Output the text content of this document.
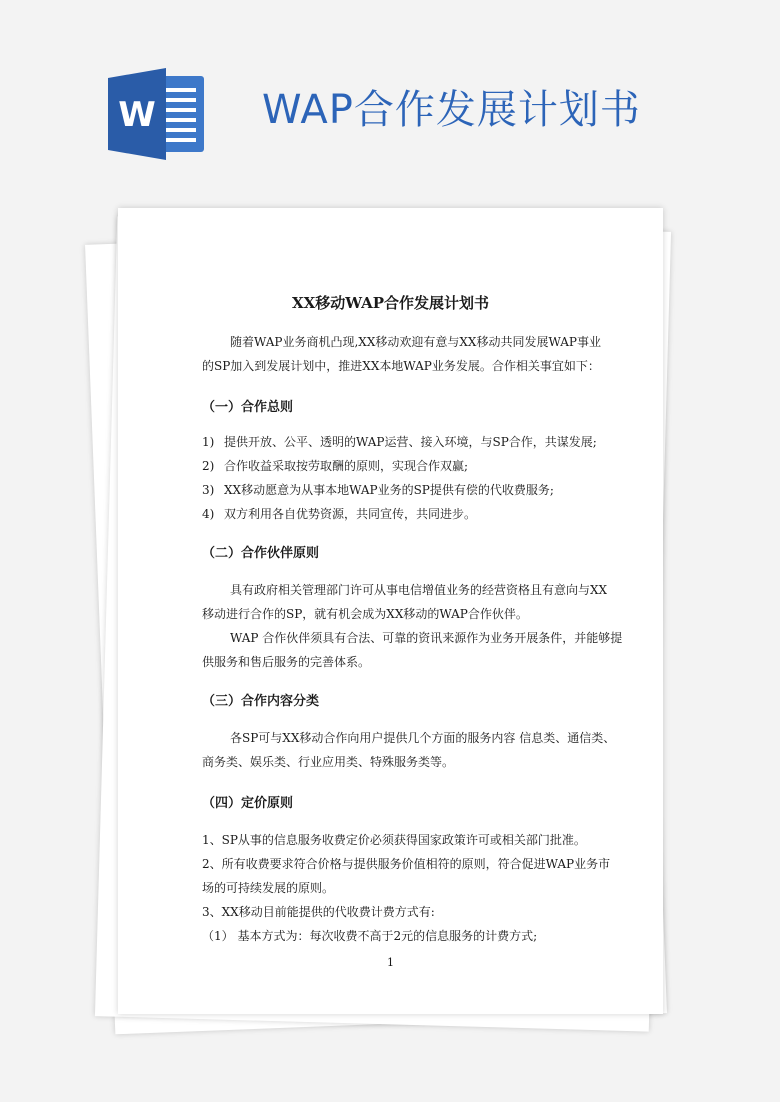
W	WAP合作发展计划书
XX移动WAP合作发展计划书
随着WAP业务商机凸现,XX移动欢迎有意与XX移动共同发展WAP事业
的SP加入到发展计划中，推进XX本地WAP业务发展。合作相关事宜如下：
（一）合作总则
1) 提供开放、公平、透明的WAP运营、接入环境，与SP合作，共谋发展;
2) 合作收益采取按劳取酬的原则，实现合作双赢;
3) XX移动愿意为从事本地WAP业务的SP提供有偿的代收费服务;
4) 双方利用各自优势资源，共同宣传，共同进步。
（二）合作伙伴原则
具有政府相关管理部门许可从事电信增值业务的经营资格且有意向与XX
移动进行合作的SP，就有机会成为XX移动的WAP合作伙伴。
WAP 合作伙伴须具有合法、可靠的资讯来源作为业务开展条件，并能够提
供服务和售后服务的完善体系。
（三）合作内容分类
各SP可与XX移动合作向用户提供几个方面的服务内容 信息类、通信类、
商务类、娱乐类、行业应用类、特殊服务类等。
（四）定价原则
1、SP从事的信息服务收费定价必须获得国家政策许可或相关部门批准。
2、所有收费要求符合价格与提供服务价值相符的原则，符合促进WAP业务市
场的可持续发展的原则。
3、XX移动目前能提供的代收费计费方式有:
（1） 基本方式为：每次收费不高于2元的信息服务的计费方式;
1
